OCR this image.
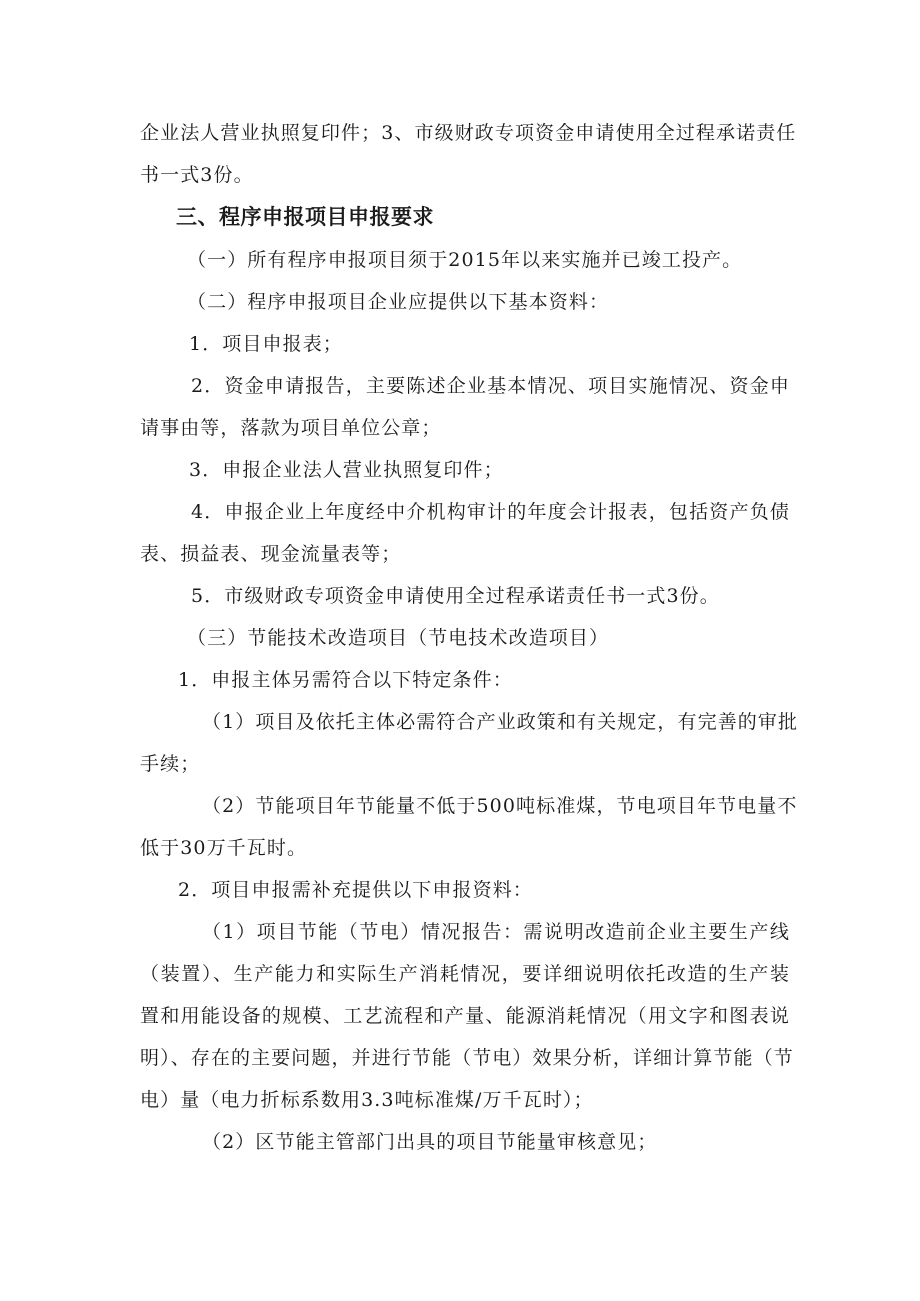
企业法人营业执照复印件；3、市级财政专项资金申请使用全过程承诺责任
书一式3份。
三、程序申报项目申报要求
（一）所有程序申报项目须于2015年以来实施并已竣工投产。
（二）程序申报项目企业应提供以下基本资料：
1．项目申报表；
2．资金申请报告，主要陈述企业基本情况、项目实施情况、资金申
请事由等，落款为项目单位公章；
3．申报企业法人营业执照复印件；
4．申报企业上年度经中介机构审计的年度会计报表，包括资产负债
表、损益表、现金流量表等；
5．市级财政专项资金申请使用全过程承诺责任书一式3份。
（三）节能技术改造项目（节电技术改造项目）
1．申报主体另需符合以下特定条件：
（1）项目及依托主体必需符合产业政策和有关规定，有完善的审批
手续；
（2）节能项目年节能量不低于500吨标准煤，节电项目年节电量不
低于30万千瓦时。
2．项目申报需补充提供以下申报资料：
（1）项目节能（节电）情况报告：需说明改造前企业主要生产线
（装置）、生产能力和实际生产消耗情况，要详细说明依托改造的生产装
置和用能设备的规模、工艺流程和产量、能源消耗情况（用文字和图表说
明）、存在的主要问题，并进行节能（节电）效果分析，详细计算节能（节
电）量（电力折标系数用3.3吨标准煤/万千瓦时）；
（2）区节能主管部门出具的项目节能量审核意见；
